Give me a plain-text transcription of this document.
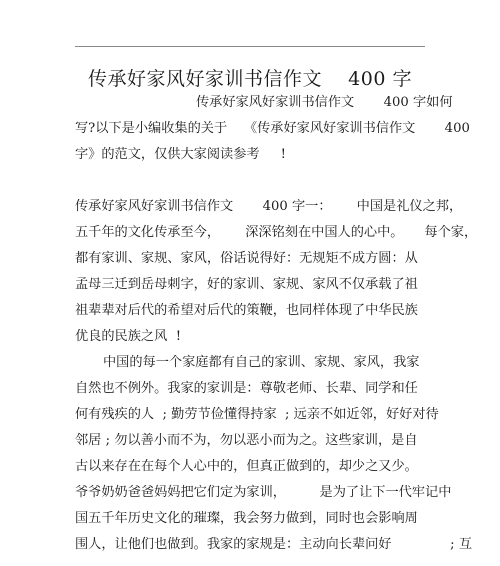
传承好家风好家训书信作文    400 字
传承好家风好家训书信作文       400 字如何
写?以下是小编收集的关于    《传承好家风好家训书信作文       400
字》的范文，仅供大家阅读参考     !
传承好家风好家训书信作文       400 字一：      中国是礼仪之邦，
五千年的文化传承至今，      深深铭刻在中国人的心中。     每个家，
都有家训、家规、家风，俗话说得好：无规矩不成方圆：从
孟母三迁到岳母刺字，好的家训、家规、家风不仅承载了祖
祖辈辈对后代的希望对后代的策鞭，也同样体现了中华民族
优良的民族之风  !
中国的每一个家庭都有自己的家训、家规、家风，我家
自然也不例外。我家的家训是：尊敬老师、长辈、同学和任
何有残疾的人  ; 勤劳节俭懂得持家  ; 远亲不如近邻，好好对待
邻居 ; 勿以善小而不为，勿以恶小而为之。这些家训，是自
古以来存在在每个人心中的，但真正做到的，却少之又少。
爷爷奶奶爸爸妈妈把它们定为家训，        是为了让下一代牢记中
国五千年历史文化的璀璨，我会努力做到，同时也会影响周
围人，让他们也做到。我家的家规是：主动向长辈问好              ; 互
